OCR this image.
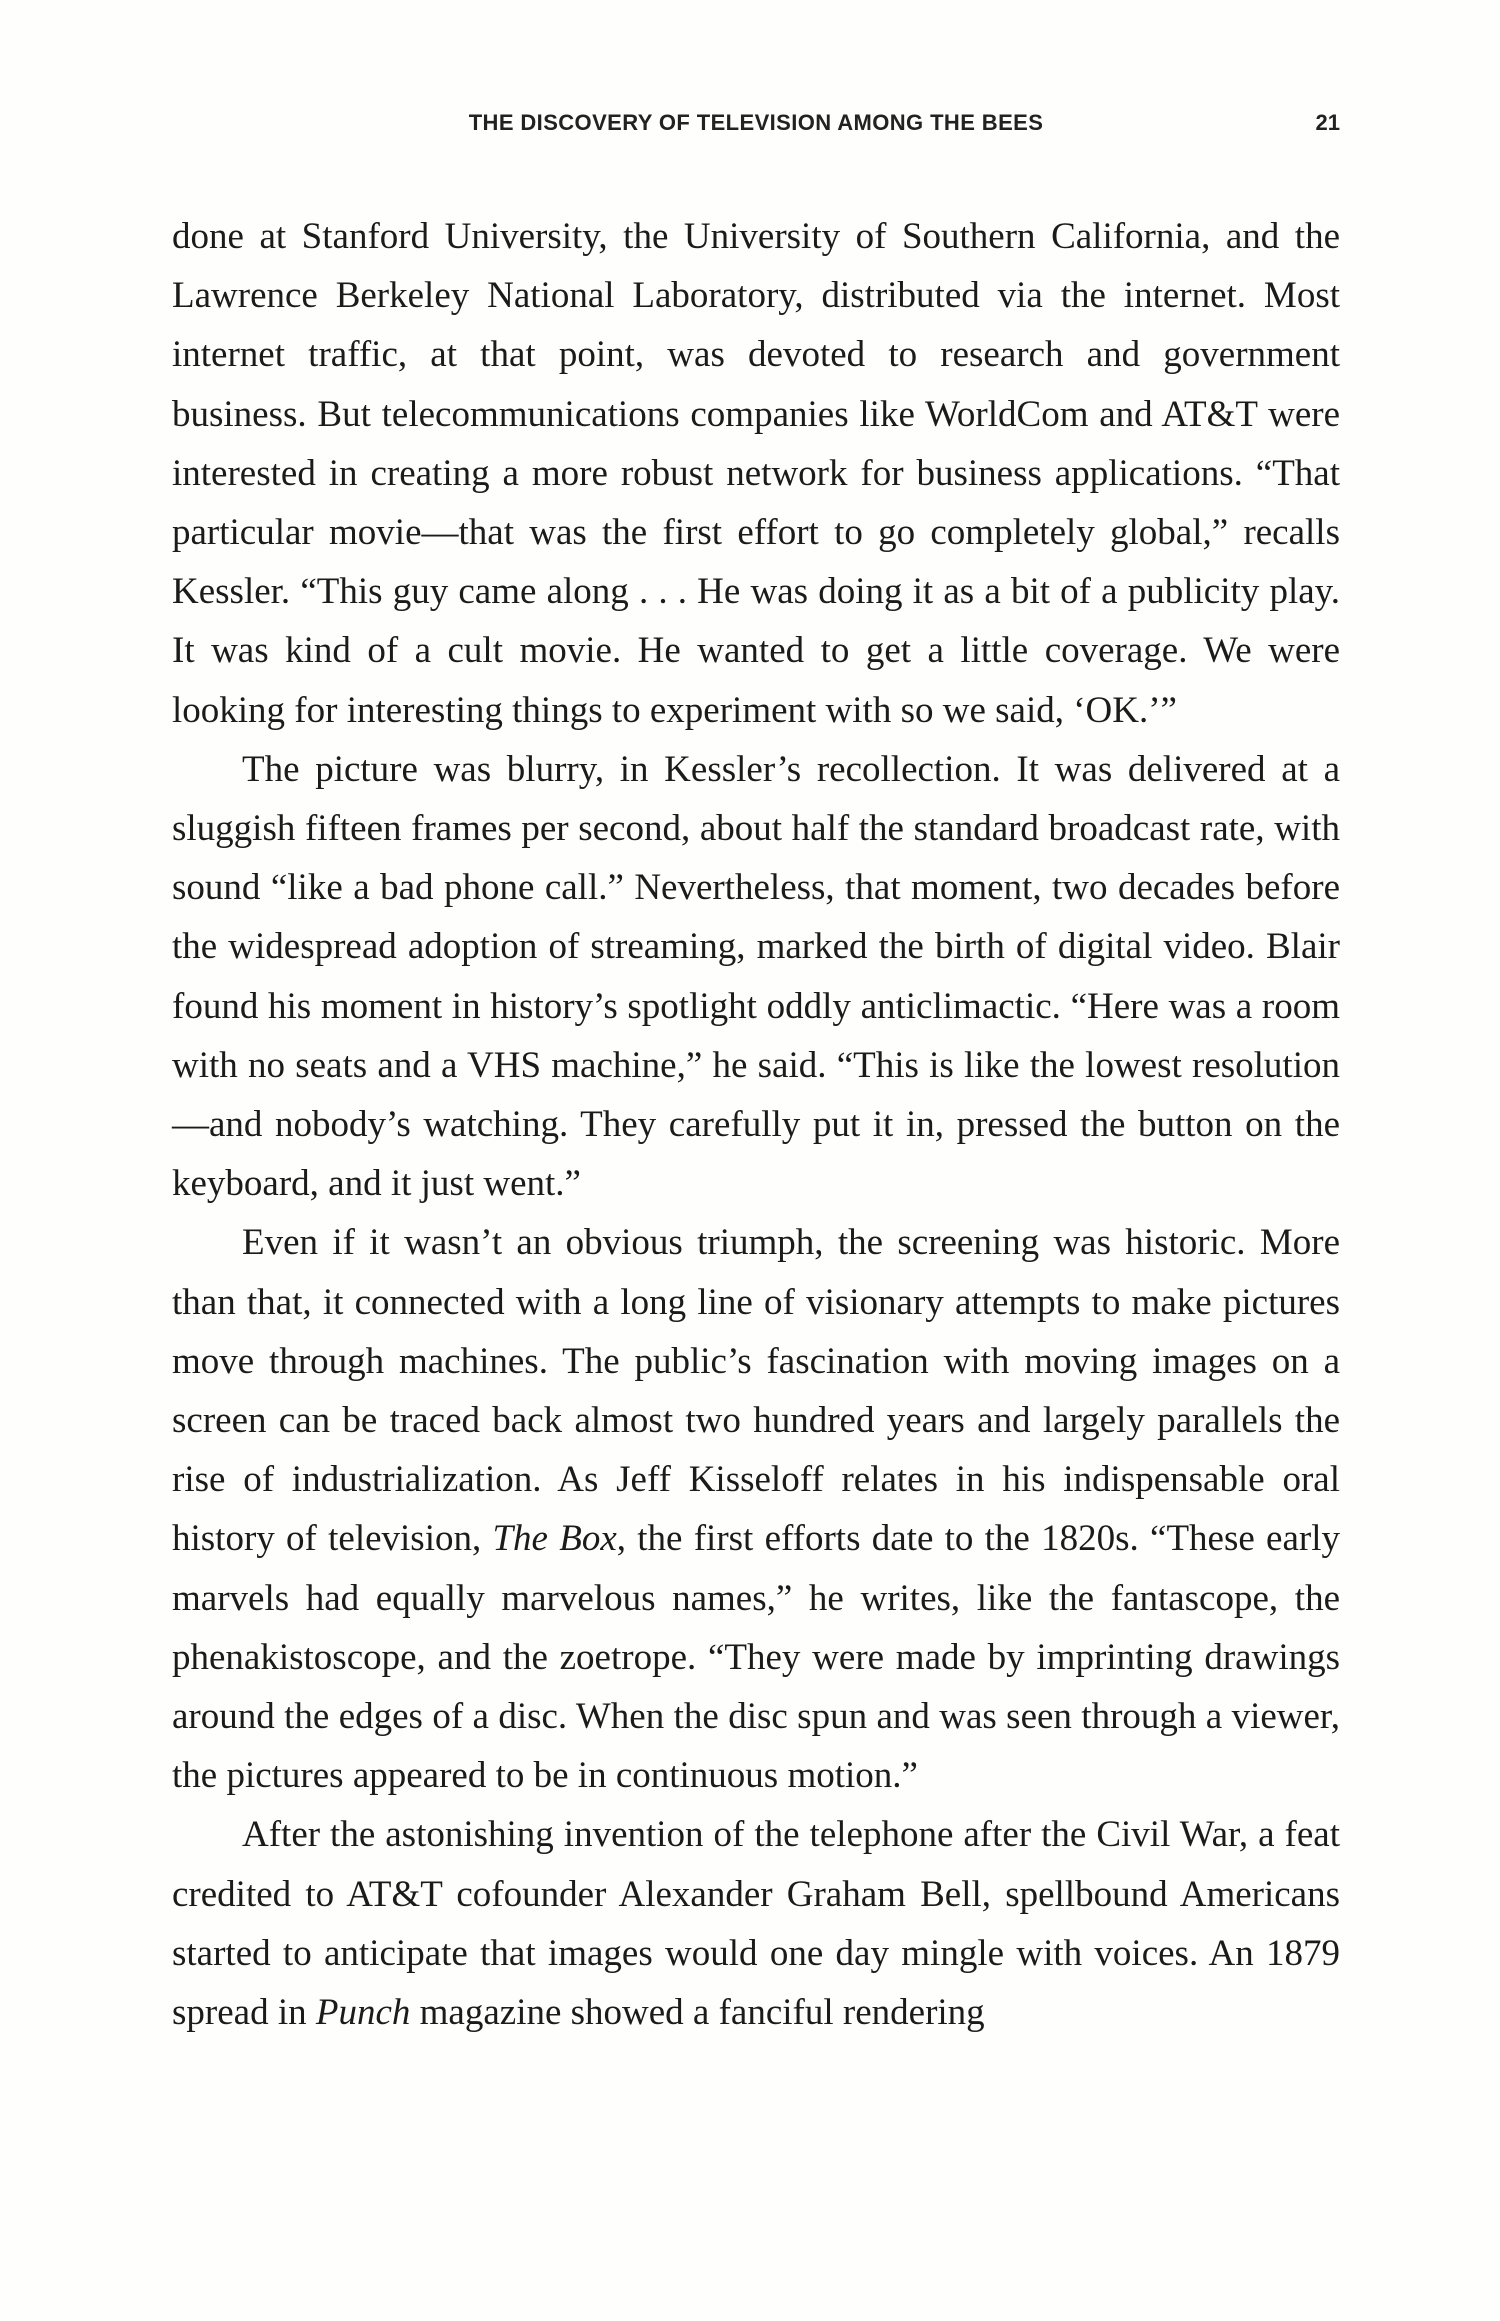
THE DISCOVERY OF TELEVISION AMONG THE BEES	21

done at Stanford University, the University of Southern California, and the Lawrence Berkeley National Laboratory, distributed via the internet. Most internet traffic, at that point, was devoted to research and government business. But telecommunications companies like WorldCom and AT&T were interested in creating a more robust network for business applications. “That particular movie—that was the first effort to go completely global,” recalls Kessler. “This guy came along . . . He was doing it as a bit of a publicity play. It was kind of a cult movie. He wanted to get a little coverage. We were looking for interesting things to experiment with so we said, ‘OK.’”

The picture was blurry, in Kessler’s recollection. It was delivered at a sluggish fifteen frames per second, about half the standard broadcast rate, with sound “like a bad phone call.” Nevertheless, that moment, two decades before the widespread adoption of streaming, marked the birth of digital video. Blair found his moment in history’s spotlight oddly anticlimactic. “Here was a room with no seats and a VHS machine,” he said. “This is like the lowest resolution—and nobody’s watching. They carefully put it in, pressed the button on the keyboard, and it just went.”

Even if it wasn’t an obvious triumph, the screening was historic. More than that, it connected with a long line of visionary attempts to make pictures move through machines. The public’s fascination with moving images on a screen can be traced back almost two hundred years and largely parallels the rise of industrialization. As Jeff Kisseloff relates in his indispensable oral history of television, The Box, the first efforts date to the 1820s. “These early marvels had equally marvelous names,” he writes, like the fantascope, the phenakistoscope, and the zoetrope. “They were made by imprinting drawings around the edges of a disc. When the disc spun and was seen through a viewer, the pictures appeared to be in continuous motion.”

After the astonishing invention of the telephone after the Civil War, a feat credited to AT&T cofounder Alexander Graham Bell, spellbound Americans started to anticipate that images would one day mingle with voices. An 1879 spread in Punch magazine showed a fanciful rendering
